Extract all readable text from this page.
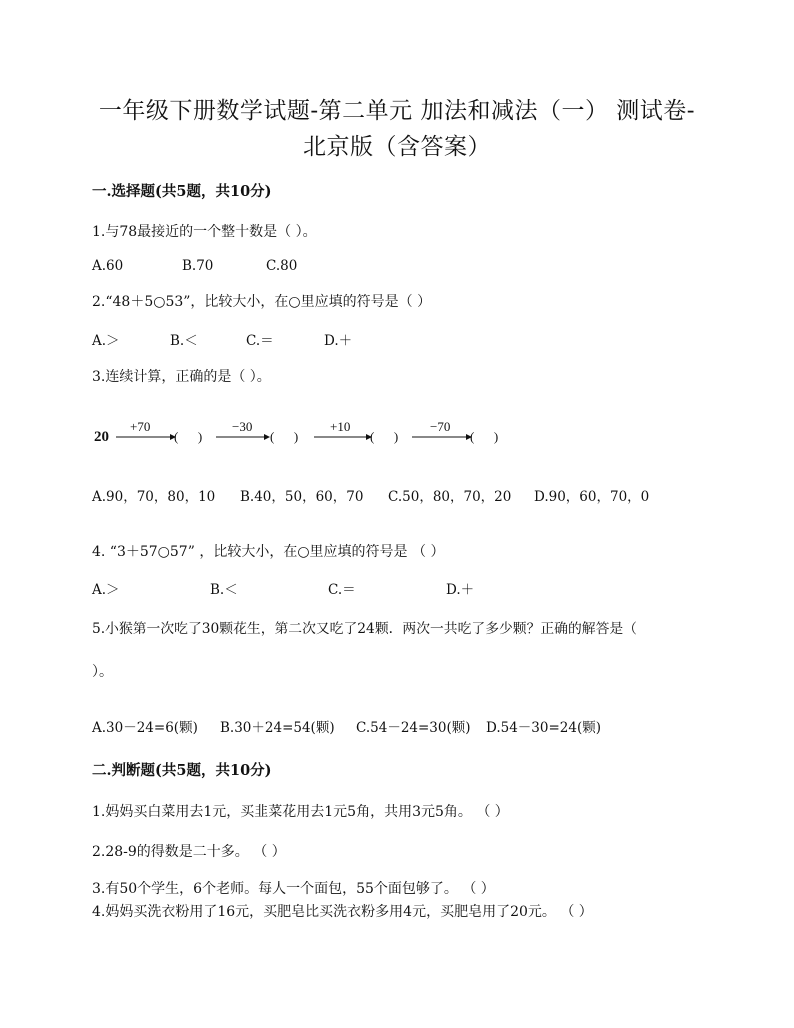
一年级下册数学试题-第二单元 加法和减法（一） 测试卷-
北京版（含答案）
一.选择题(共5题，共10分)
1.与78最接近的一个整十数是（ ）。
A.60	B.70	C.80
2.“48＋5○53”，比较大小，在○里应填的符号是（ ）
A.＞	B.＜	C.＝	D.＋
3.连续计算，正确的是（ ）。
20
+70
(      )
−30
(      )
+10
(      )
−70
(      )
A.90，70，80，10 B.40，50，60，70 C.50，80，70，20 D.90，60，70，0
4. “3＋57○57” ，比较大小，在○里应填的符号是 （ ）
A.＞	B.＜	C.＝	D.＋
5.小猴第一次吃了30颗花生，第二次又吃了24颗．两次一共吃了多少颗？正确的解答是（
）。
A.30－24=6(颗) B.30＋24=54(颗) C.54－24=30(颗) D.54－30=24(颗)
二.判断题(共5题，共10分)
1.妈妈买白菜用去1元，买韭菜花用去1元5角，共用3元5角。 （ ）
2.28-9的得数是二十多。 （ ）
3.有50个学生，6个老师。每人一个面包，55个面包够了。 （ ）
4.妈妈买洗衣粉用了16元，买肥皂比买洗衣粉多用4元，买肥皂用了20元。 （ ）
